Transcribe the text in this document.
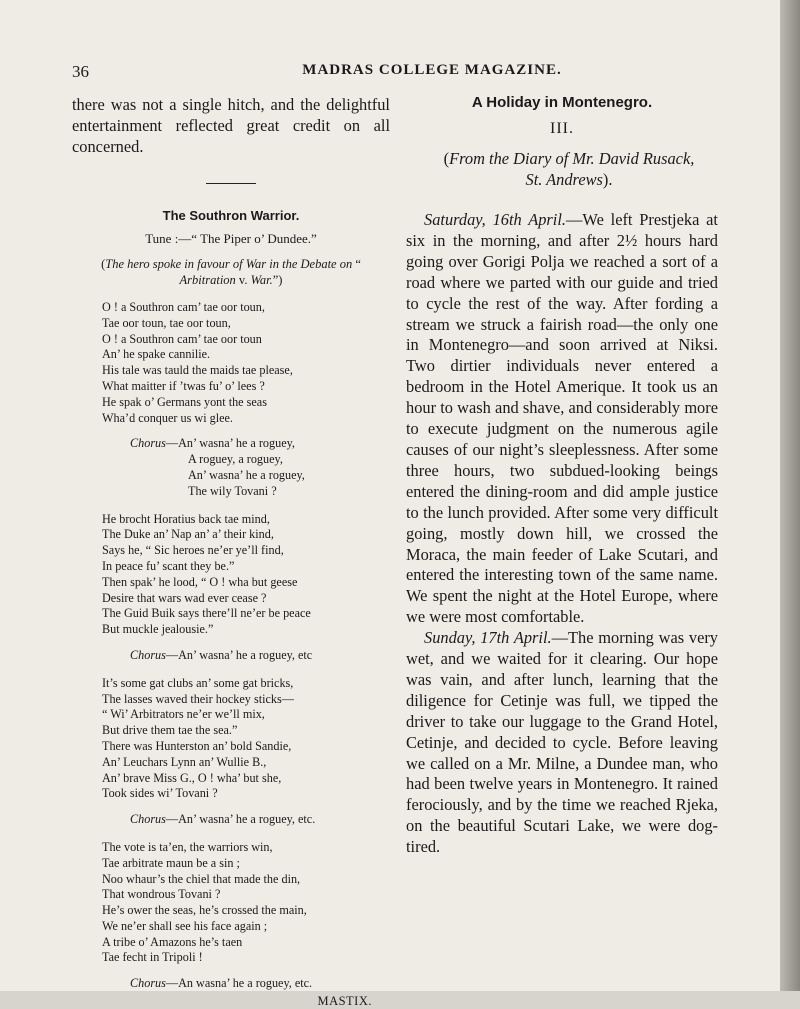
36	MADRAS COLLEGE MAGAZINE.

there was not a single hitch, and the delightful entertainment reflected great credit on all concerned.

The Southron Warrior.
Tune :—“ The Piper o’ Dundee.”
(The hero spoke in favour of War in the Debate on “ Arbitration v. War.”)
O ! a Southron cam’ tae oor toun,
Tae oor toun, tae oor toun,
O ! a Southron cam’ tae oor toun
An’ he spake cannilie.
His tale was tauld the maids tae please,
What maitter if ’twas fu’ o’ lees ?
He spak o’ Germans yont the seas
Wha’d conquer us wi glee.
Chorus—An’ wasna’ he a roguey,
A roguey, a roguey,
An’ wasna’ he a roguey,
The wily Tovani ?
He brocht Horatius back tae mind,
The Duke an’ Nap an’ a’ their kind,
Says he, “ Sic heroes ne’er ye’ll find,
In peace fu’ scant they be.”
Then spak’ he lood, “ O ! wha but geese
Desire that wars wad ever cease ?
The Guid Buik says there’ll ne’er be peace
But muckle jealousie.”
Chorus—An’ wasna’ he a roguey, etc
It’s some gat clubs an’ some gat bricks,
The lasses waved their hockey sticks—
“ Wi’ Arbitrators ne’er we’ll mix,
But drive them tae the sea.”
There was Hunterston an’ bold Sandie,
An’ Leuchars Lynn an’ Wullie B.,
An’ brave Miss G., O ! wha’ but she,
Took sides wi’ Tovani ?
Chorus—An’ wasna’ he a roguey, etc.
The vote is ta’en, the warriors win,
Tae arbitrate maun be a sin ;
Noo whaur’s the chiel that made the din,
That wondrous Tovani ?
He’s ower the seas, he’s crossed the main,
We ne’er shall see his face again ;
A tribe o’ Amazons he’s taen
Tae fecht in Tripoli !
Chorus—An wasna’ he a roguey, etc.
MASTIX.
A Holiday in Montenegro.
III.
(From the Diary of Mr. David Rusack,
St. Andrews).

Saturday, 16th April.—We left Prestjeka at six in the morning, and after 2½ hours hard going over Gorigi Polja we reached a sort of a road where we parted with our guide and tried to cycle the rest of the way. After fording a stream we struck a fairish road—the only one in Montenegro—and soon arrived at Niksi. Two dirtier individuals never entered a bedroom in the Hotel Amerique. It took us an hour to wash and shave, and considerably more to execute judgment on the numerous agile causes of our night’s sleeplessness. After some three hours, two subdued-looking beings entered the dining-room and did ample justice to the lunch provided. After some very difficult going, mostly down hill, we crossed the Moraca, the main feeder of Lake Scutari, and entered the interesting town of the same name. We spent the night at the Hotel Europe, where we were most comfortable.

Sunday, 17th April.—The morning was very wet, and we waited for it clearing. Our hope was vain, and after lunch, learning that the diligence for Cetinje was full, we tipped the driver to take our luggage to the Grand Hotel, Cetinje, and decided to cycle. Before leaving we called on a Mr. Milne, a Dundee man, who had been twelve years in Montenegro. It rained ferociously, and by the time we reached Rjeka, on the beautiful Scutari Lake, we were dog-tired.
